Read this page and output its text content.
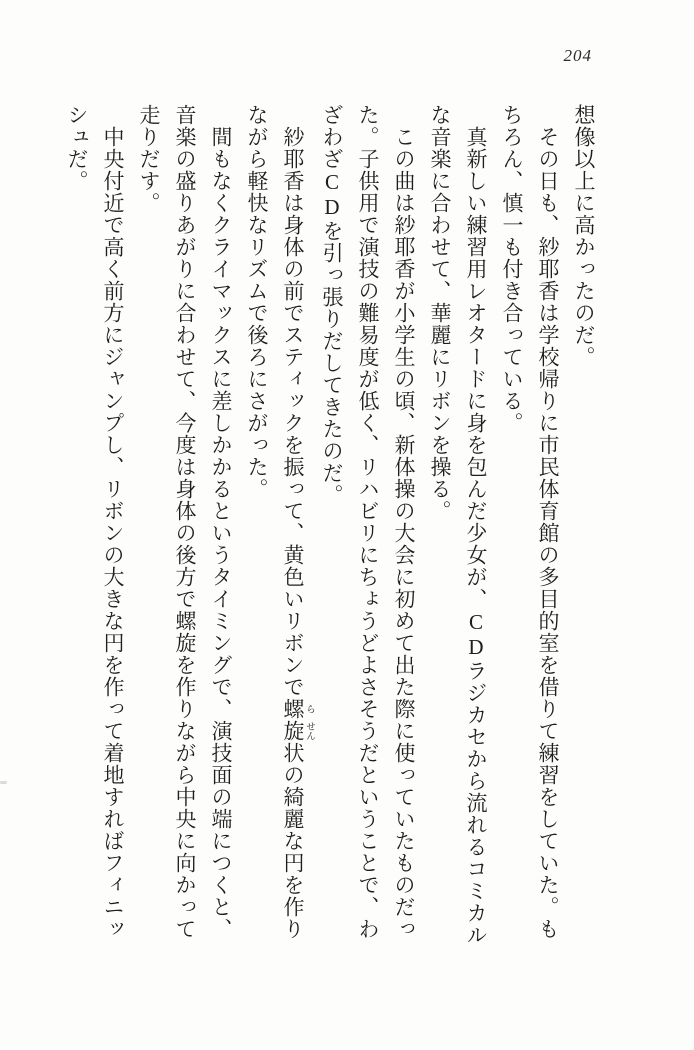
204
想像以上に高かったのだ。
その日も、紗耶香は学校帰りに市民体育館の多目的室を借りて練習をしていた。も
ちろん、慎一も付き合っている。
真新しい練習用レオタードに身を包んだ少女が、CDラジカセから流れるコミカル
な音楽に合わせて、華麗にリボンを操る。
この曲は紗耶香が小学生の頃、新体操の大会に初めて出た際に使っていたものだっ
た。子供用で演技の難易度が低く、リハビリにちょうどよさそうだということで、わ
ざわざCDを引っ張りだしてきたのだ。
紗耶香は身体の前でスティックを振って、黄色いリボンで螺 ら旋 せん状の綺麗な円を作り
ながら軽快なリズムで後ろにさがった。
間もなくクライマックスに差しかかるというタイミングで、演技面の端につくと、
音楽の盛りあがりに合わせて、今度は身体の後方で螺旋を作りながら中央に向かって
走りだす。
中央付近で高く前方にジャンプし、リボンの大きな円を作って着地すればフィニッ
シュだ。
